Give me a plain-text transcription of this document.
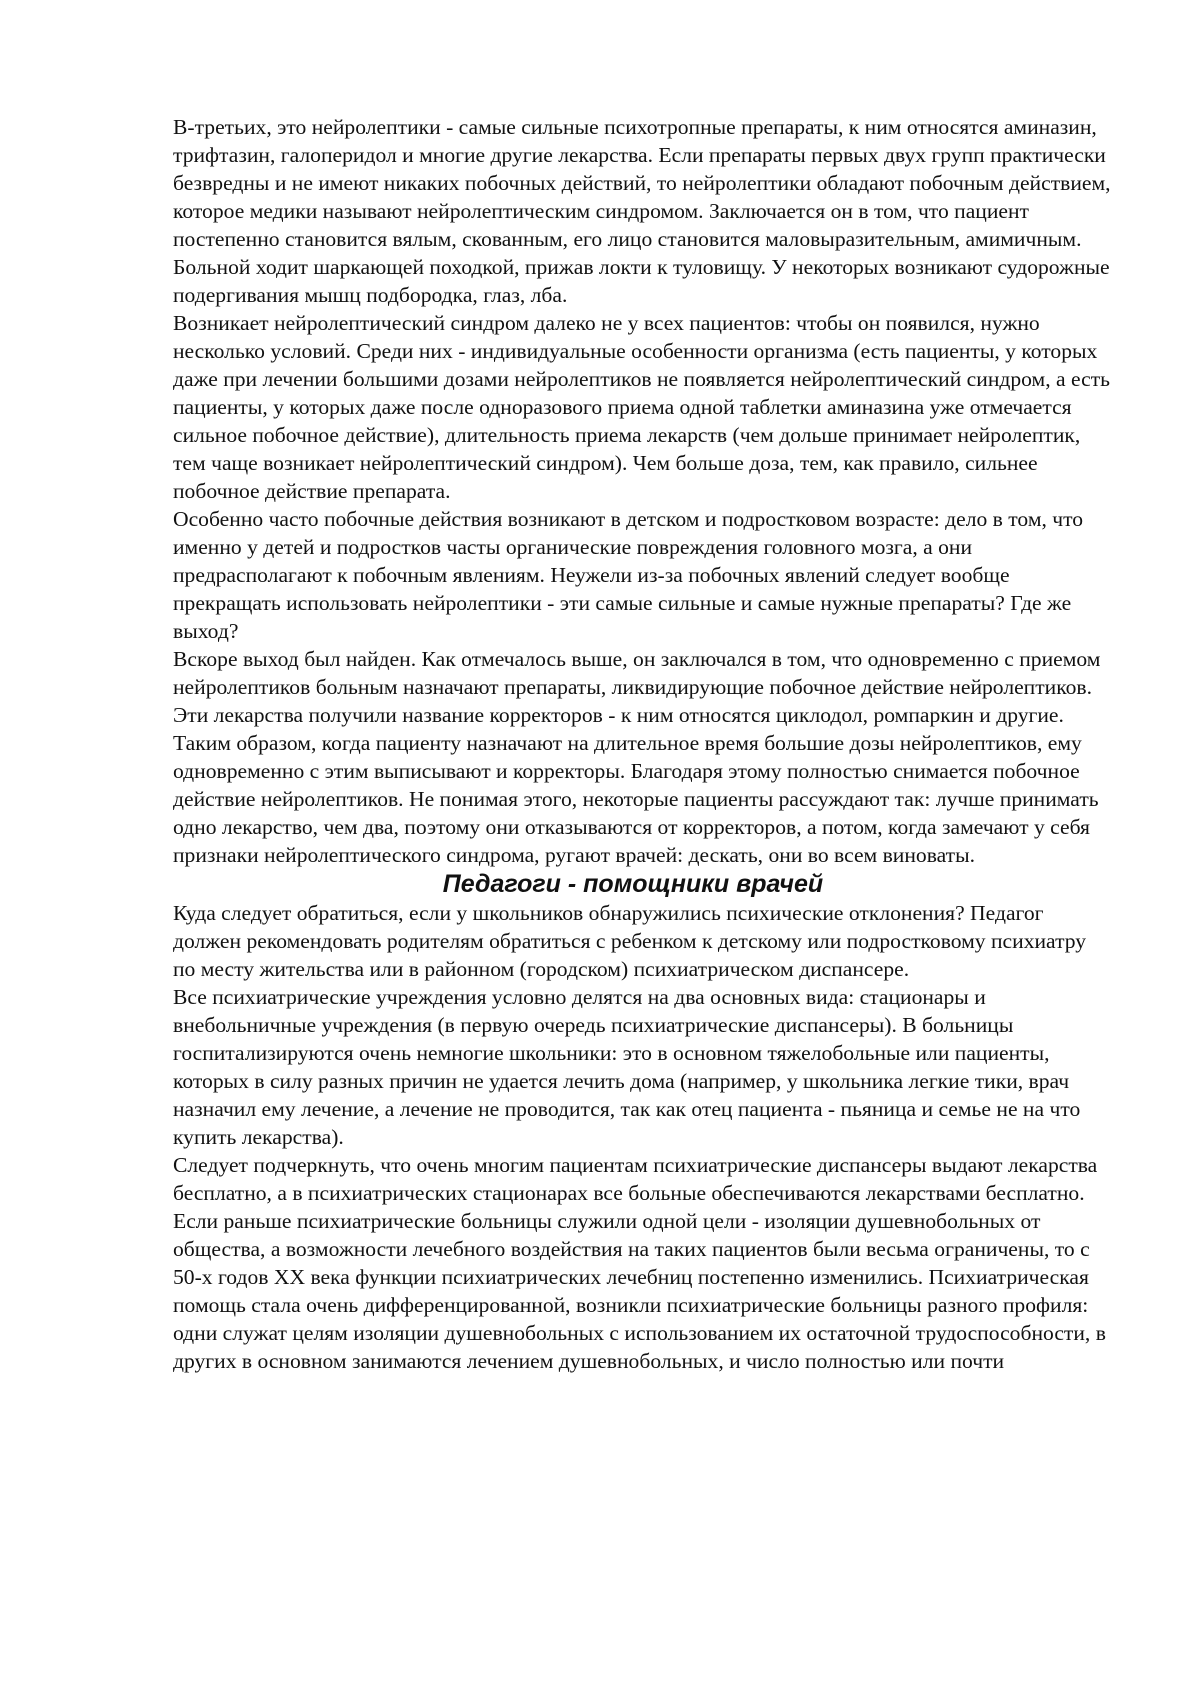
В-третьих, это нейролептики - самые сильные психотропные препараты, к ним относятся аминазин, трифтазин, галоперидол и многие другие лекарства. Если препараты первых двух групп практически безвредны и не имеют никаких побочных действий, то нейролептики обладают побочным действием, которое медики называют нейролептическим синдромом. Заключается он в том, что пациент постепенно становится вялым, скованным, его лицо становится маловыразительным, амимичным. Больной ходит шаркающей походкой, прижав локти к туловищу. У некоторых возникают судорожные подергивания мышц подбородка, глаз, лба.

Возникает нейролептический синдром далеко не у всех пациентов: чтобы он появился, нужно несколько условий. Среди них - индивидуальные особенности организма (есть пациенты, у которых даже при лечении большими дозами нейролептиков не появляется нейролептический синдром, а есть пациенты, у которых даже после одноразового приема одной таблетки аминазина уже отмечается сильное побочное действие), длительность приема лекарств (чем дольше принимает нейролептик, тем чаще возникает нейролептический синдром). Чем больше доза, тем, как правило, сильнее побочное действие препарата.

Особенно часто побочные действия возникают в детском и подростковом возрасте: дело в том, что именно у детей и подростков часты органические повреждения головного мозга, а они предрасполагают к побочным явлениям. Неужели из-за побочных явлений следует вообще прекращать использовать нейролептики - эти самые сильные и самые нужные препараты? Где же выход?

Вскоре выход был найден. Как отмечалось выше, он заключался в том, что одновременно с приемом нейролептиков больным назначают препараты, ликвидирующие побочное действие нейролептиков. Эти лекарства получили название корректоров - к ним относятся циклодол, ромпаркин и другие.

Таким образом, когда пациенту назначают на длительное время большие дозы нейролептиков, ему одновременно с этим выписывают и корректоры. Благодаря этому полностью снимается побочное действие нейролептиков. Не понимая этого, некоторые пациенты рассуждают так: лучше принимать одно лекарство, чем два, поэтому они отказываются от корректоров, а потом, когда замечают у себя признаки нейролептического синдрома, ругают врачей: дескать, они во всем виноваты.

Педагоги - помощники врачей

Куда следует обратиться, если у школьников обнаружились психические отклонения? Педагог должен рекомендовать родителям обратиться с ребенком к детскому или подростковому психиатру по месту жительства или в районном (городском) психиатрическом диспансере.

Все психиатрические учреждения условно делятся на два основных вида: стационары и внебольничные учреждения (в первую очередь психиатрические диспансеры). В больницы госпитализируются очень немногие школьники: это в основном тяжелобольные или пациенты, которых в силу разных причин не удается лечить дома (например, у школьника легкие тики, врач назначил ему лечение, а лечение не проводится, так как отец пациента - пьяница и семье не на что купить лекарства).

Следует подчеркнуть, что очень многим пациентам психиатрические диспансеры выдают лекарства бесплатно, а в психиатрических стационарах все больные обеспечиваются лекарствами бесплатно.

Если раньше психиатрические больницы служили одной цели - изоляции душевнобольных от общества, а возможности лечебного воздействия на таких пациентов были весьма ограничены, то с 50-х годов XX века функции психиатрических лечебниц постепенно изменились. Психиатрическая помощь стала очень дифференцированной, возникли психиатрические больницы разного профиля: одни служат целям изоляции душевнобольных с использованием их остаточной трудоспособности, в других в основном занимаются лечением душевнобольных, и число полностью или почти
